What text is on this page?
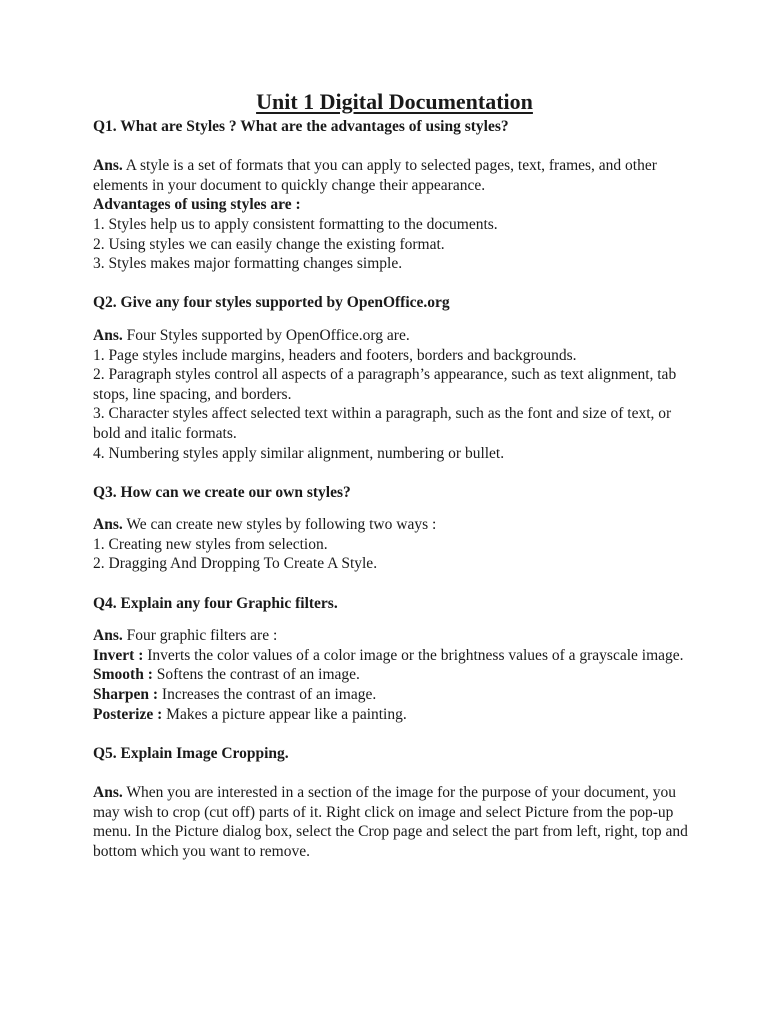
Unit 1 Digital Documentation
Q1. What are Styles ? What are the advantages of using styles?
Ans. A style is a set of formats that you can apply to selected pages, text, frames, and other elements in your document to quickly change their appearance.
Advantages of using styles are :
1. Styles help us to apply consistent formatting to the documents.
2. Using styles we can easily change the existing format.
3. Styles makes major formatting changes simple.
Q2. Give any four styles supported by OpenOffice.org
Ans. Four Styles supported by OpenOffice.org are.
1. Page styles include margins, headers and footers, borders and backgrounds.
2. Paragraph styles control all aspects of a paragraph’s appearance, such as text alignment, tab stops, line spacing, and borders.
3. Character styles affect selected text within a paragraph, such as the font and size of text, or bold and italic formats.
4. Numbering styles apply similar alignment, numbering or bullet.
Q3. How can we create our own styles?
Ans. We can create new styles by following two ways :
1. Creating new styles from selection.
2. Dragging And Dropping To Create A Style.
Q4. Explain any four Graphic filters.
Ans. Four graphic filters are :
Invert : Inverts the color values of a color image or the brightness values of a grayscale image.
Smooth : Softens the contrast of an image.
Sharpen : Increases the contrast of an image.
Posterize : Makes a picture appear like a painting.
Q5. Explain Image Cropping.
Ans. When you are interested in a section of the image for the purpose of your document, you may wish to crop (cut off) parts of it. Right click on image and select Picture from the pop-up menu. In the Picture dialog box, select the Crop page and select the part from left, right, top and bottom which you want to remove.
